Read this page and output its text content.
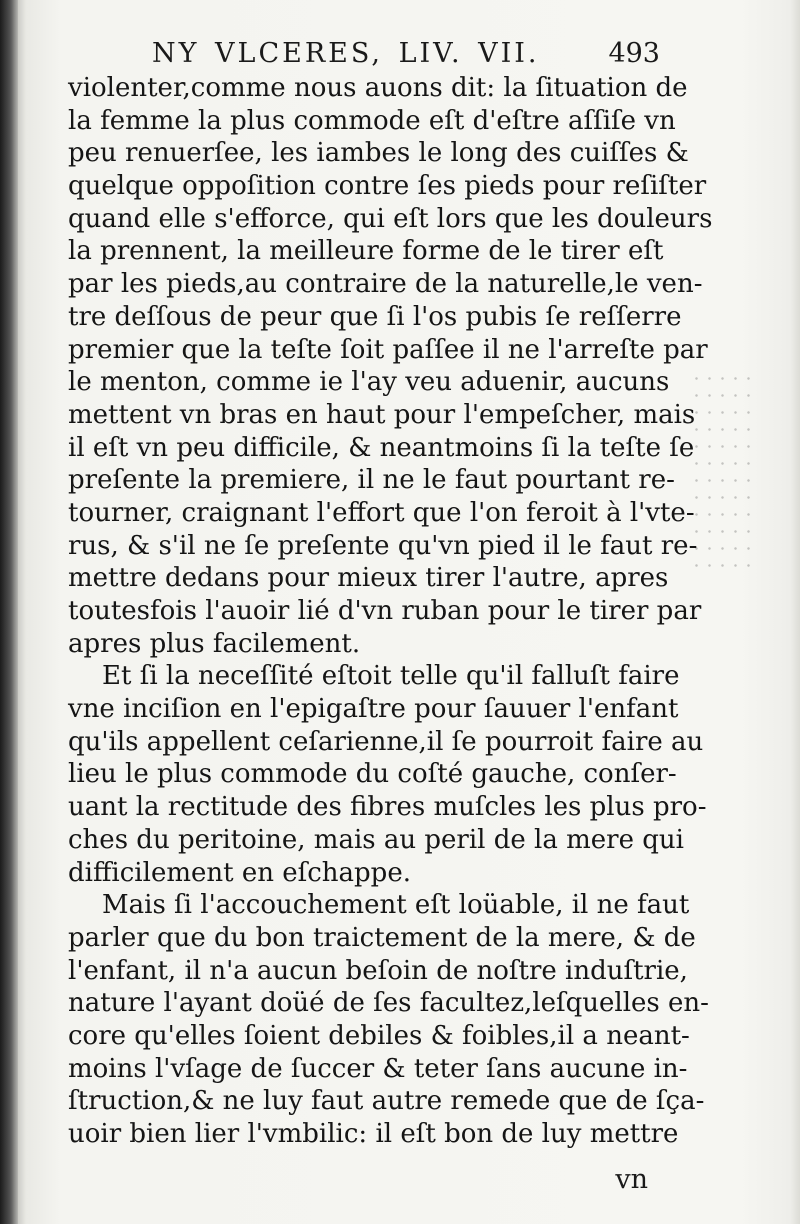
NY VLCERES, LIV. VII.	493
violenter,comme nous auons dit: la ſituation de
la femme la plus commode eſt d'eſtre aſſiſe vn
peu renuerſee, les iambes le long des cuiſſes &
quelque oppoſition contre ſes pieds pour reſiſter
quand elle s'efforce, qui eſt lors que les douleurs
la prennent, la meilleure forme de le tirer eſt
par les pieds,au contraire de la naturelle,le ven-
tre deſſous de peur que ſi l'os pubis ſe reſſerre
premier que la teſte ſoit paſſee il ne l'arreſte par
le menton, comme ie l'ay veu aduenir, aucuns
mettent vn bras en haut pour l'empeſcher, mais
il eſt vn peu difficile, & neantmoins ſi la teſte ſe
preſente la premiere, il ne le faut pourtant re-
tourner, craignant l'effort que l'on feroit à l'vte-
rus, & s'il ne ſe preſente qu'vn pied il le faut re-
mettre dedans pour mieux tirer l'autre, apres
toutesfois l'auoir lié d'vn ruban pour le tirer par
apres plus facilement.
Et ſi la neceſſité eſtoit telle qu'il falluſt faire
vne inciſion en l'epigaſtre pour ſauuer l'enfant
qu'ils appellent ceſarienne,il ſe pourroit faire au
lieu le plus commode du coſté gauche, conſer-
uant la rectitude des fibres muſcles les plus pro-
ches du peritoine, mais au peril de la mere qui
difficilement en eſchappe.
Mais ſi l'accouchement eſt loüable, il ne faut
parler que du bon traictement de la mere, & de
l'enfant, il n'a aucun beſoin de noſtre induſtrie,
nature l'ayant doüé de ſes facultez,leſquelles en-
core qu'elles ſoient debiles & foibles,il a neant-
moins l'vſage de ſuccer & teter ſans aucune in-
ſtruction,& ne luy faut autre remede que de ſça-
uoir bien lier l'vmbilic: il eſt bon de luy mettre
vn
